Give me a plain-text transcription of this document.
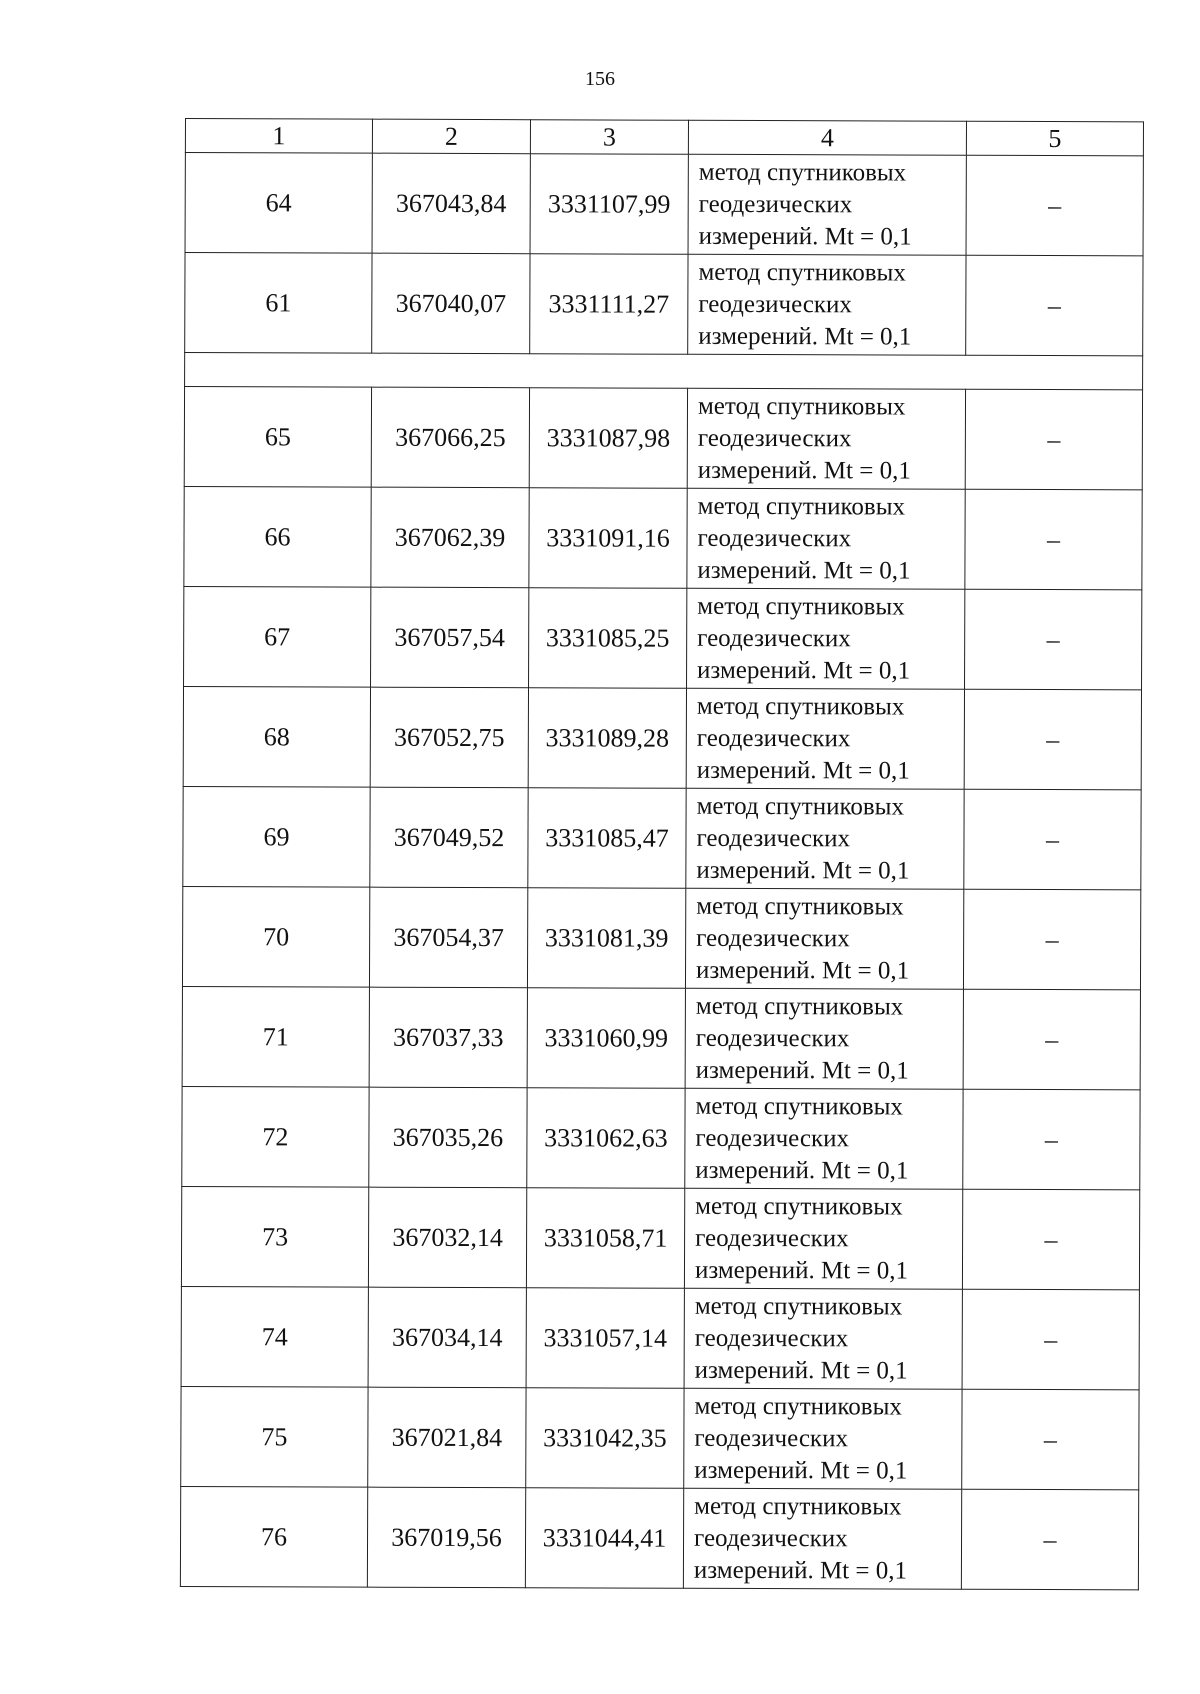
156
1	2	3	4	5
64	367043,84	3331107,99	метод спутниковых
геодезических
измерений. Mt = 0,1	–
61	367040,07	3331111,27	метод спутниковых
геодезических
измерений. Mt = 0,1	–

65	367066,25	3331087,98	метод спутниковых
геодезических
измерений. Mt = 0,1	–
66	367062,39	3331091,16	метод спутниковых
геодезических
измерений. Mt = 0,1	–
67	367057,54	3331085,25	метод спутниковых
геодезических
измерений. Mt = 0,1	–
68	367052,75	3331089,28	метод спутниковых
геодезических
измерений. Mt = 0,1	–
69	367049,52	3331085,47	метод спутниковых
геодезических
измерений. Mt = 0,1	–
70	367054,37	3331081,39	метод спутниковых
геодезических
измерений. Mt = 0,1	–
71	367037,33	3331060,99	метод спутниковых
геодезических
измерений. Mt = 0,1	–
72	367035,26	3331062,63	метод спутниковых
геодезических
измерений. Mt = 0,1	–
73	367032,14	3331058,71	метод спутниковых
геодезических
измерений. Mt = 0,1	–
74	367034,14	3331057,14	метод спутниковых
геодезических
измерений. Mt = 0,1	–
75	367021,84	3331042,35	метод спутниковых
геодезических
измерений. Mt = 0,1	–
76	367019,56	3331044,41	метод спутниковых
геодезических
измерений. Mt = 0,1	–
